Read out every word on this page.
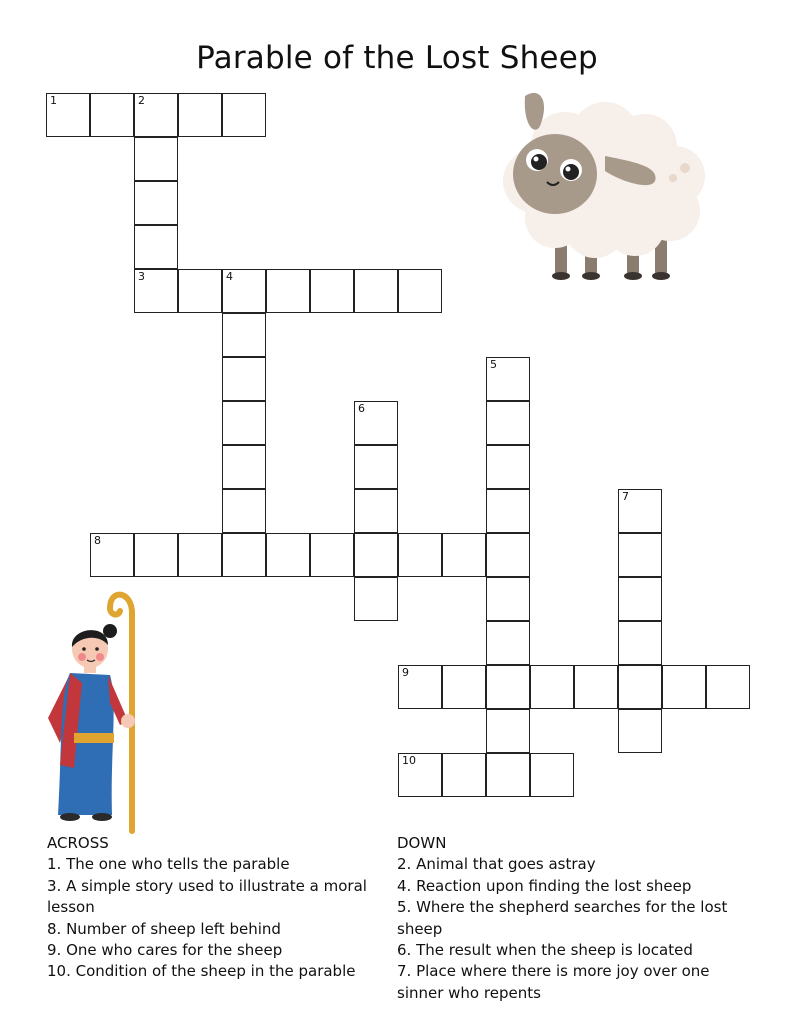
Parable of the Lost Sheep
1	2
3	4
5
6
7
8
9
10
ACROSS
1. The one who tells the parable
3. A simple story used to illustrate a moral lesson
8. Number of sheep left behind
9. One who cares for the sheep
10. Condition of the sheep in the parable
DOWN
2. Animal that goes astray
4. Reaction upon finding the lost sheep
5. Where the shepherd searches for the lost sheep
6. The result when the sheep is located
7. Place where there is more joy over one sinner who repents
